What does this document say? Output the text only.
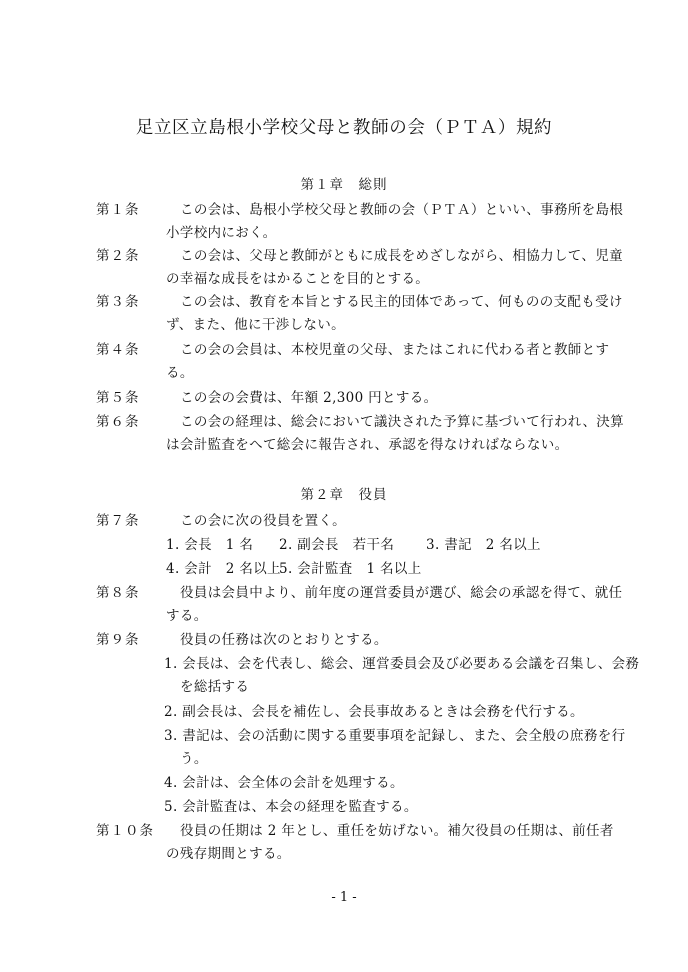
足立区立島根小学校父母と教師の会（ＰＴＡ）規約
第１章　総則
第１条	この会は、島根小学校父母と教師の会（ＰＴＡ）といい、事務所を島根小学校内におく。
第２条	この会は、父母と教師がともに成長をめざしながら、相協力して、児童の幸福な成長をはかることを目的とする。
第３条	この会は、教育を本旨とする民主的団体であって、何ものの支配も受けず、また、他に干渉しない。
第４条	この会の会員は、本校児童の父母、またはこれに代わる者と教師とする。
第５条	この会の会費は、年額 2,300 円とする。
第６条	この会の経理は、総会において議決された予算に基づいて行われ、決算は会計監査をへて総会に報告され、承認を得なければならない。
第２章　役員
第７条	この会に次の役員を置く。
1. 会長　1 名 2. 副会長　若干名 3. 書記　2 名以上
4. 会計　2 名以上5. 会計監査　1 名以上
第８条	役員は会員中より、前年度の運営委員が選び、総会の承認を得て、就任する。
第９条	役員の任務は次のとおりとする。
1. 会長は、会を代表し、総会、運営委員会及び必要ある会議を召集し、会務を総括する
2. 副会長は、会長を補佐し、会長事故あるときは会務を代行する。
3. 書記は、会の活動に関する重要事項を記録し、また、会全般の庶務を行う。
4. 会計は、会全体の会計を処理する。
5. 会計監査は、本会の経理を監査する。
第１０条	役員の任期は 2 年とし、重任を妨げない。補欠役員の任期は、前任者の残存期間とする。
- 1 -
